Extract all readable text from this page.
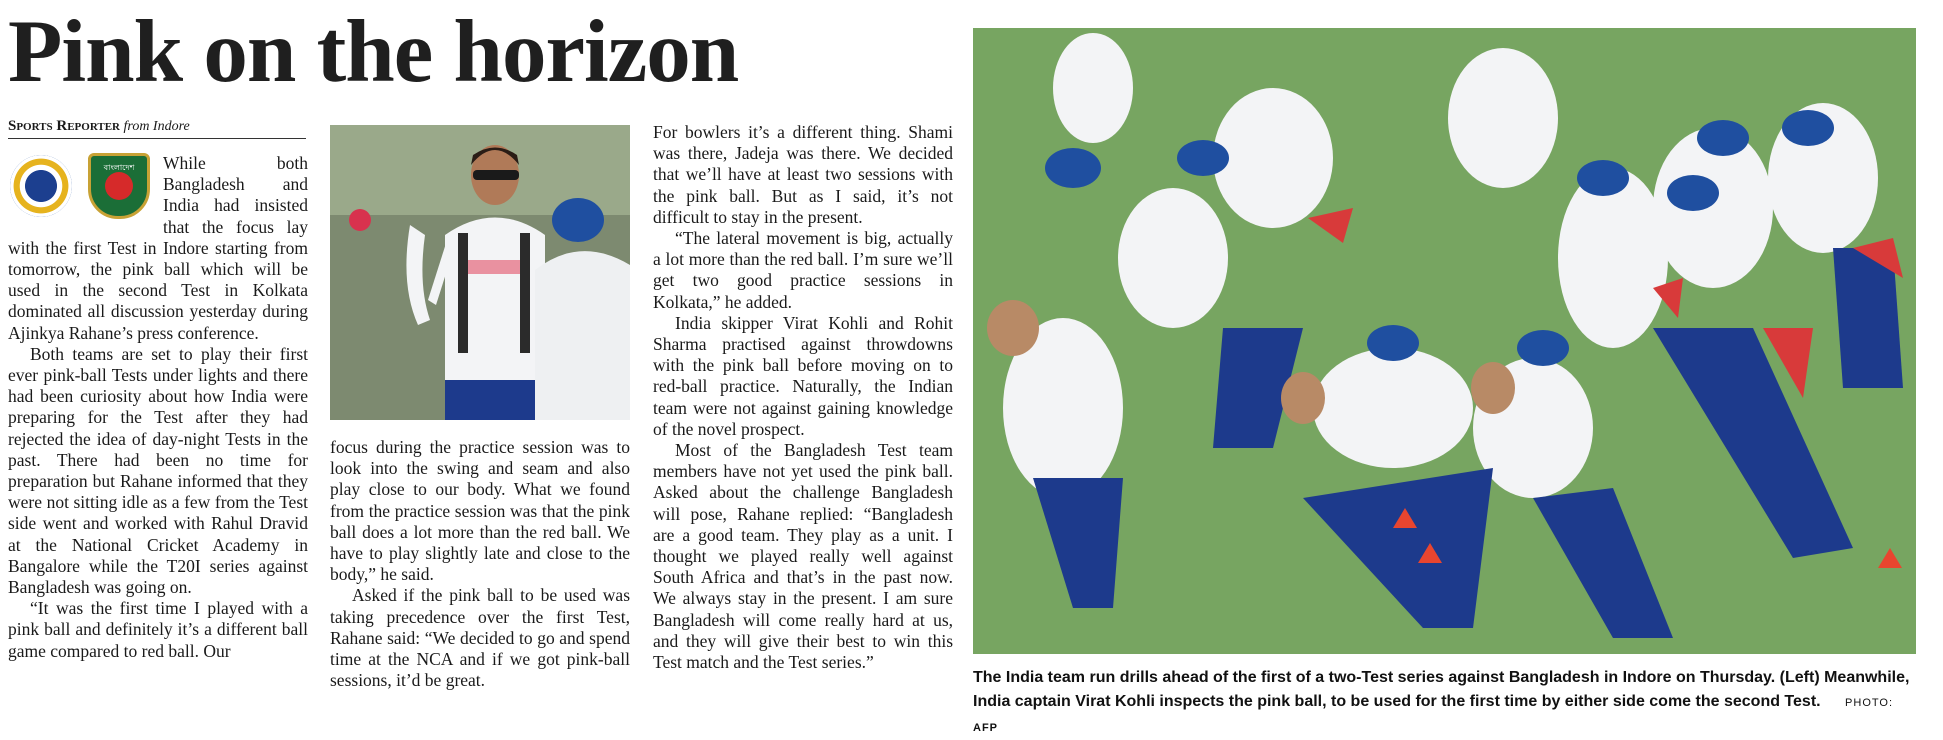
Pink on the horizon
Sports Reporter from Indore
বাংলাদেশ	While both Bangladesh and India had insisted that the focus lay with the first Test in Indore starting from tomorrow, the pink ball which will be used in the second Test in Kolkata dominated all discussion yesterday during Ajinkya Rahane’s press conference.

Both teams are set to play their first ever pink-ball Tests under lights and there had been curiosity about how India were preparing for the Test after they had rejected the idea of day-night Tests in the past. There had been no time for preparation but Rahane informed that they were not sitting idle as a few from the Test side went and worked with Rahul Dravid at the National Cricket Academy in Bangalore while the T20I series against Bangladesh was going on.

“It was the first time I played with a pink ball and definitely it’s a different ball game compared to red ball. Our

focus during the practice session was to look into the swing and seam and also play close to our body. What we found from the practice session was that the pink ball does a lot more than the red ball. We have to play slightly late and close to the body,” he said.

Asked if the pink ball to be used was taking precedence over the first Test, Rahane said: “We decided to go and spend time at the NCA and if we got pink-ball sessions, it’d be great.

For bowlers it’s a different thing. Shami was there, Jadeja was there. We decided that we’ll have at least two sessions with the pink ball. But as I said, it’s not difficult to stay in the present.

“The lateral movement is big, actually a lot more than the red ball. I’m sure we’ll get two good practice sessions in Kolkata,” he added.

India skipper Virat Kohli and Rohit Sharma practised against throwdowns with the pink ball before moving on to red-ball practice. Naturally, the Indian team were not against gaining knowledge of the novel prospect.

Most of the Bangladesh Test team members have not yet used the pink ball. Asked about the challenge Bangladesh will pose, Rahane replied: “Bangladesh are a good team. They play as a unit. I thought we played really well against South Africa and that’s in the past now. We always stay in the present. I am sure Bangladesh will come really hard at us, and they will give their best to win this Test match and the Test series.”

The India team run drills ahead of the first of a two-Test series against Bangladesh in Indore on Thursday. (Left) Meanwhile, India captain Virat Kohli inspects the pink ball, to be used for the first time by either side come the second Test. PHOTO: AFP
